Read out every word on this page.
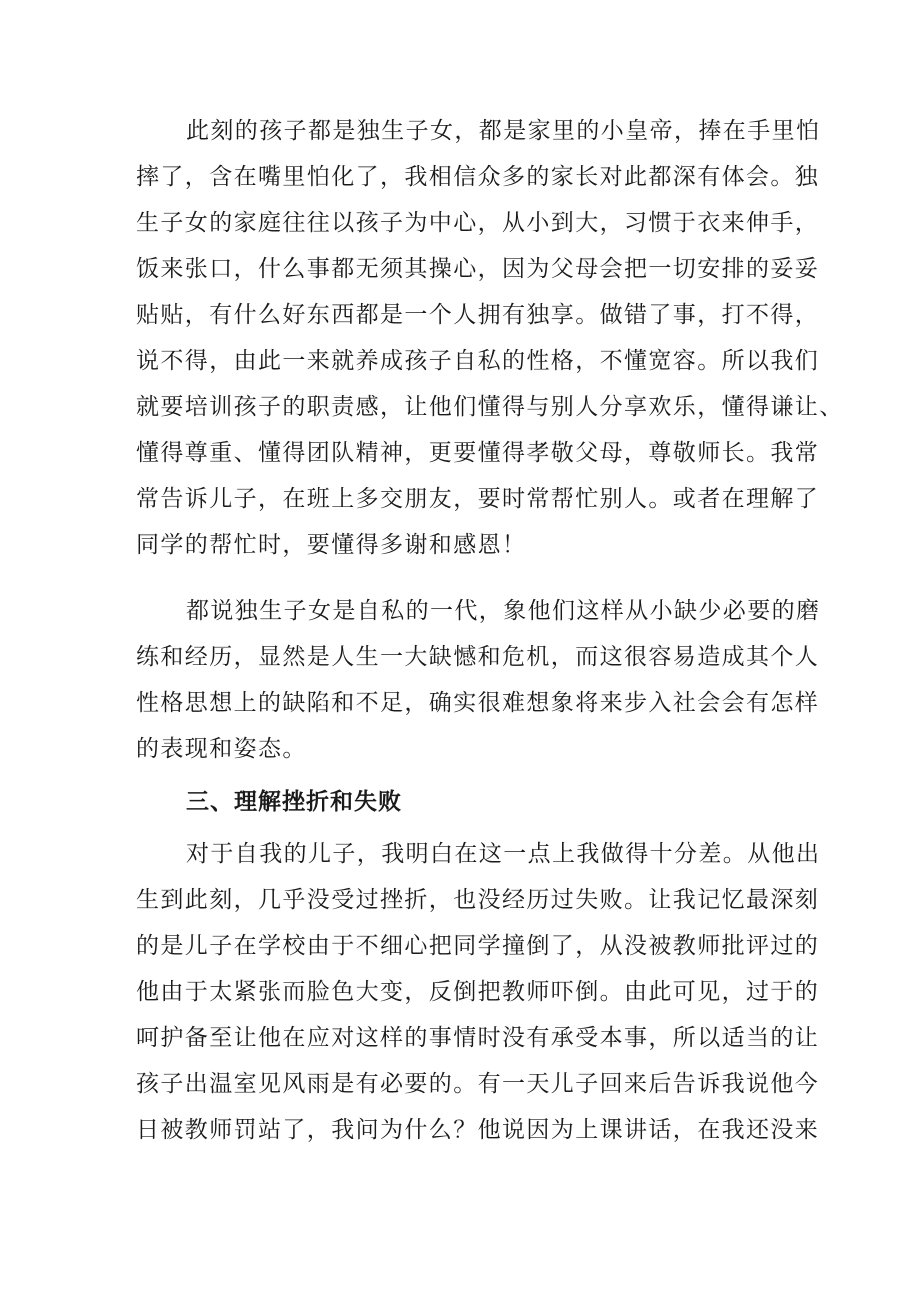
此刻的孩子都是独生子女，都是家里的小皇帝，捧在手里怕

摔了，含在嘴里怕化了，我相信众多的家长对此都深有体会。独

生子女的家庭往往以孩子为中心，从小到大，习惯于衣来伸手，

饭来张口，什么事都无须其操心，因为父母会把一切安排的妥妥

贴贴，有什么好东西都是一个人拥有独享。做错了事，打不得，

说不得，由此一来就养成孩子自私的性格，不懂宽容。所以我们

就要培训孩子的职责感，让他们懂得与别人分享欢乐，懂得谦让、

懂得尊重、懂得团队精神，更要懂得孝敬父母，尊敬师长。我常

常告诉儿子，在班上多交朋友，要时常帮忙别人。或者在理解了

同学的帮忙时，要懂得多谢和感恩！

都说独生子女是自私的一代，象他们这样从小缺少必要的磨

练和经历，显然是人生一大缺憾和危机，而这很容易造成其个人

性格思想上的缺陷和不足，确实很难想象将来步入社会会有怎样

的表现和姿态。

三、理解挫折和失败

对于自我的儿子，我明白在这一点上我做得十分差。从他出

生到此刻，几乎没受过挫折，也没经历过失败。让我记忆最深刻

的是儿子在学校由于不细心把同学撞倒了，从没被教师批评过的

他由于太紧张而脸色大变，反倒把教师吓倒。由此可见，过于的

呵护备至让他在应对这样的事情时没有承受本事，所以适当的让

孩子出温室见风雨是有必要的。有一天儿子回来后告诉我说他今

日被教师罚站了，我问为什么？他说因为上课讲话，在我还没来
